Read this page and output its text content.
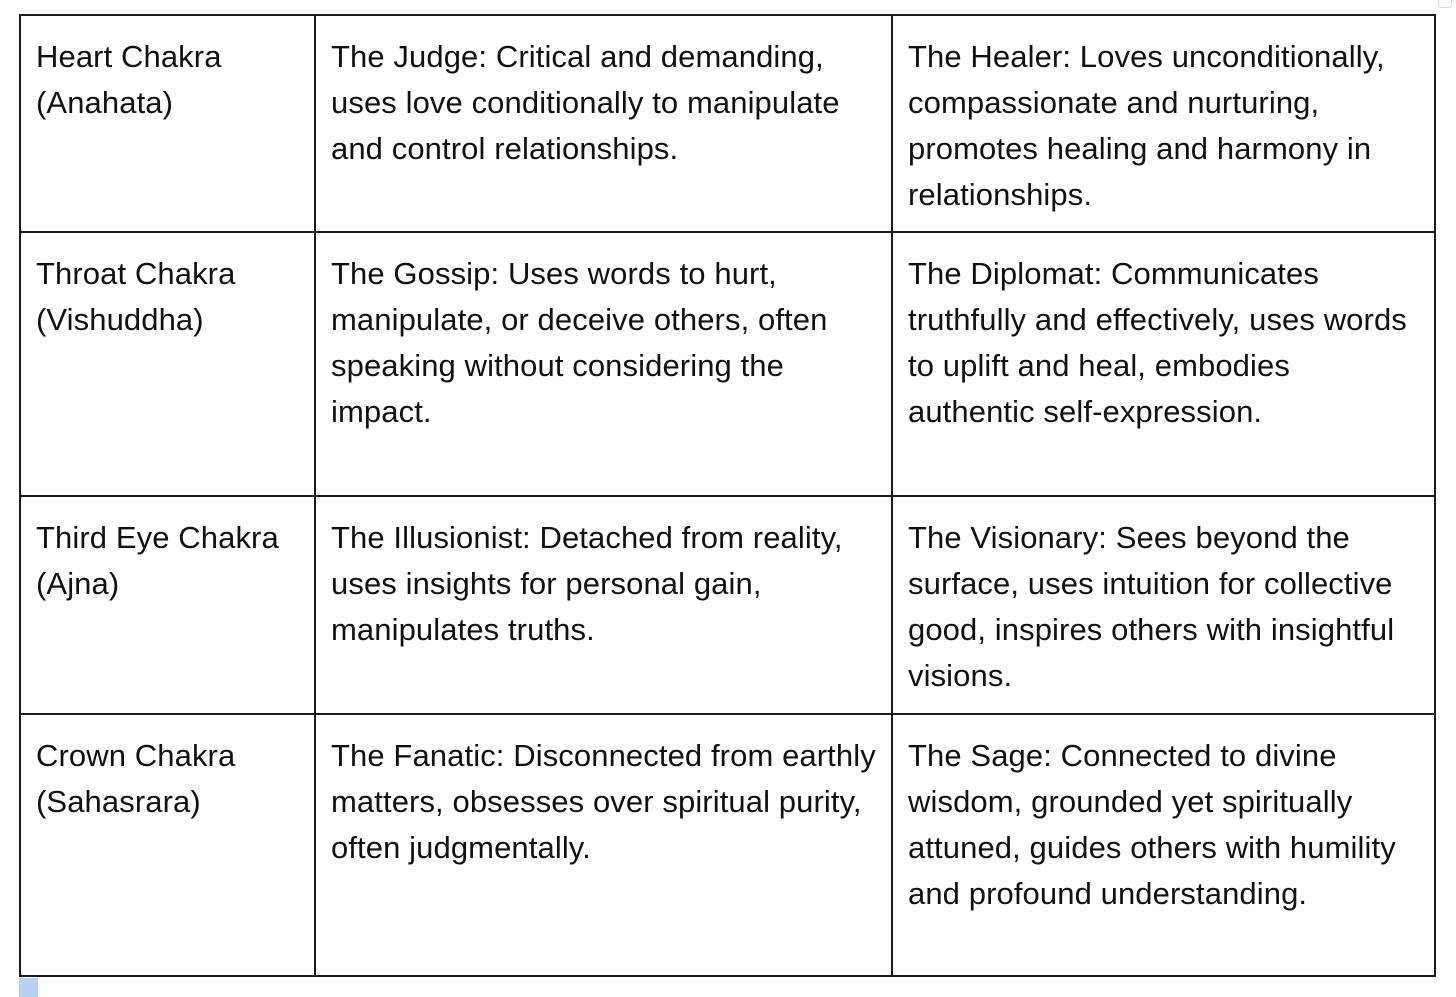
Heart Chakra
(Anahata)	The Judge: Critical and demanding, uses love conditionally to manipulate and control relationships.	The Healer: Loves unconditionally, compassionate and nurturing, promotes healing and harmony in relationships.

Throat Chakra
(Vishuddha)	The Gossip: Uses words to hurt, manipulate, or deceive others, often speaking without considering the impact.	The Diplomat: Communicates truthfully and effectively, uses words to uplift and heal, embodies authentic self-expression.

Third Eye Chakra
(Ajna)	The Illusionist: Detached from reality, uses insights for personal gain, manipulates truths.	The Visionary: Sees beyond the surface, uses intuition for collective good, inspires others with insightful visions.

Crown Chakra
(Sahasrara)	The Fanatic: Disconnected from earthly matters, obsesses over spiritual purity, often judgmentally.	The Sage: Connected to divine wisdom, grounded yet spiritually attuned, guides others with humility and profound understanding.
